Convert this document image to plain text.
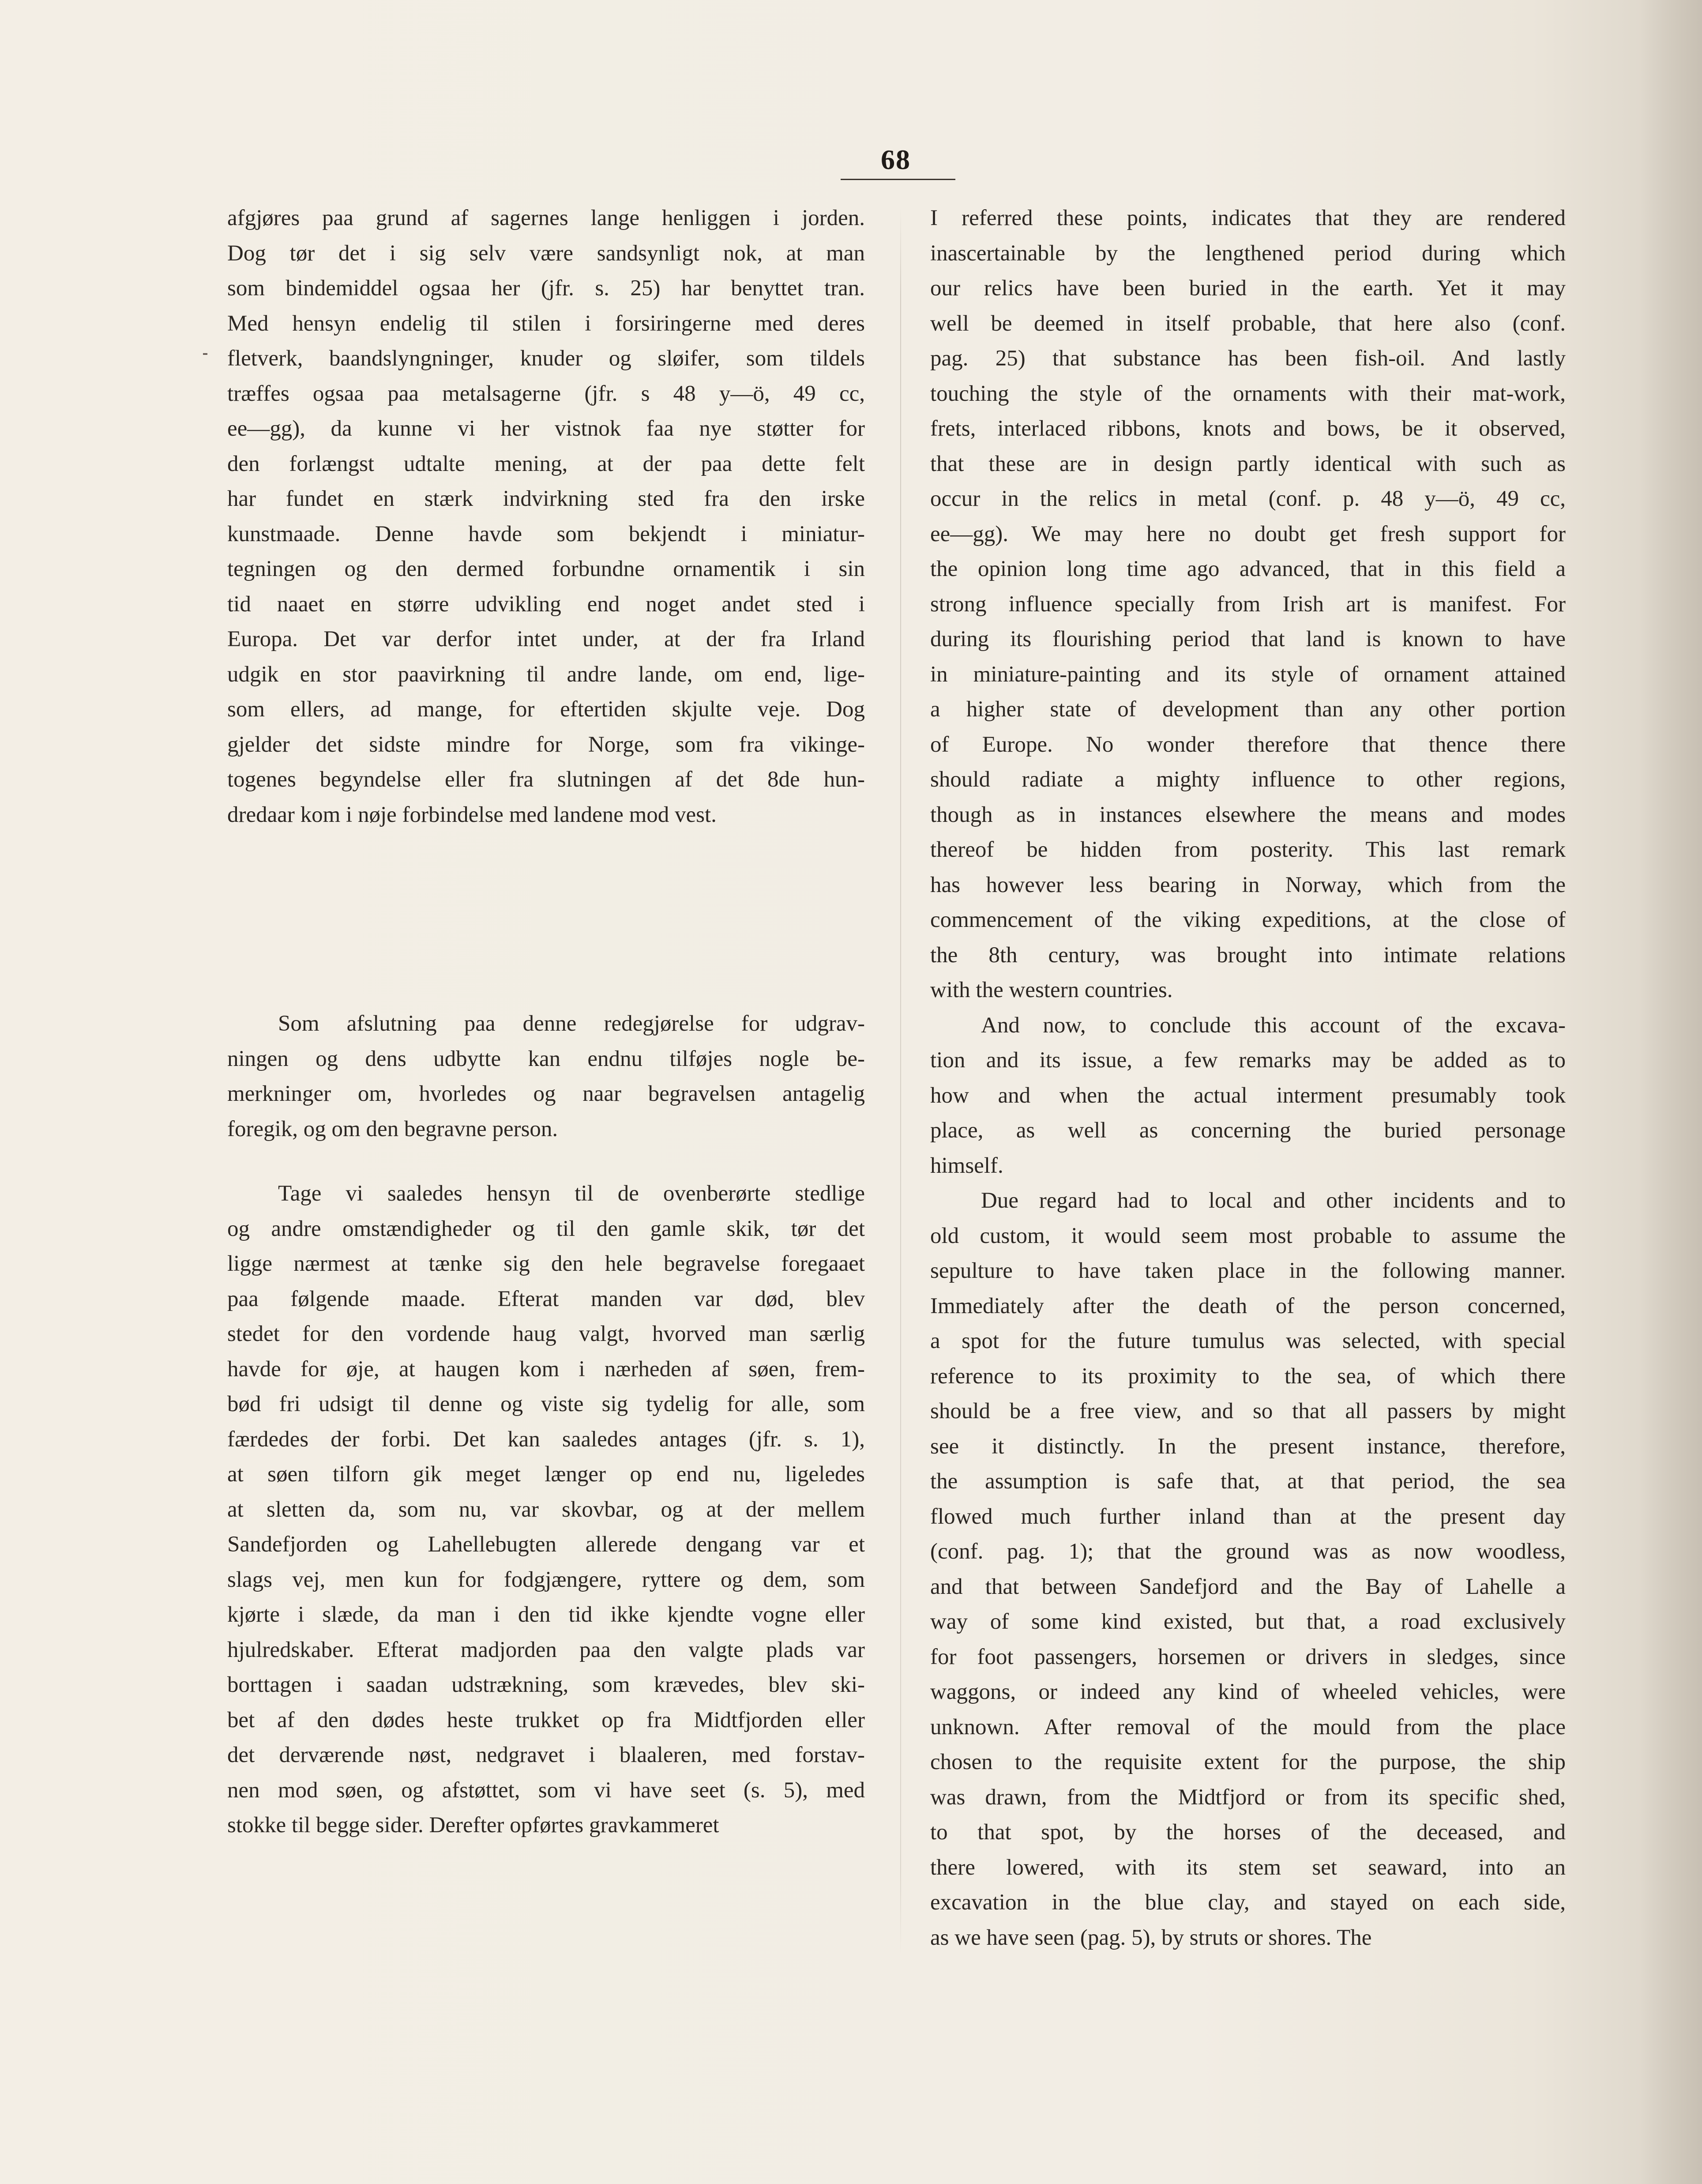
68
afgjøres paa grund af sagernes lange henliggen i jorden.
Dog tør det i sig selv være sandsynligt nok, at man
som bindemiddel ogsaa her (jfr. s. 25) har benyttet tran.
Med hensyn endelig til stilen i forsiringerne med deres
fletverk, baandslyngninger, knuder og sløifer, som tildels
træffes ogsaa paa metalsagerne (jfr. s 48 y—ö, 49 cc,
ee—gg), da kunne vi her vistnok faa nye støtter for
den forlængst udtalte mening, at der paa dette felt
har fundet en stærk indvirkning sted fra den irske
kunstmaade. Denne havde som bekjendt i miniatur-
tegningen og den dermed forbundne ornamentik i sin
tid naaet en større udvikling end noget andet sted i
Europa. Det var derfor intet under, at der fra Irland
udgik en stor paavirkning til andre lande, om end, lige-
som ellers, ad mange, for eftertiden skjulte veje. Dog
gjelder det sidste mindre for Norge, som fra vikinge-
togenes begyndelse eller fra slutningen af det 8de hun-
dredaar kom i nøje forbindelse med landene mod vest.
Som afslutning paa denne redegjørelse for udgrav-
ningen og dens udbytte kan endnu tilføjes nogle be-
merkninger om, hvorledes og naar begravelsen antagelig
foregik, og om den begravne person.
Tage vi saaledes hensyn til de ovenberørte stedlige
og andre omstændigheder og til den gamle skik, tør det
ligge nærmest at tænke sig den hele begravelse foregaaet
paa følgende maade. Efterat manden var død, blev
stedet for den vordende haug valgt, hvorved man særlig
havde for øje, at haugen kom i nærheden af søen, frem-
bød fri udsigt til denne og viste sig tydelig for alle, som
færdedes der forbi. Det kan saaledes antages (jfr. s. 1),
at søen tilforn gik meget længer op end nu, ligeledes
at sletten da, som nu, var skovbar, og at der mellem
Sandefjorden og Lahellebugten allerede dengang var et
slags vej, men kun for fodgjængere, ryttere og dem, som
kjørte i slæde, da man i den tid ikke kjendte vogne eller
hjulredskaber. Efterat madjorden paa den valgte plads var
borttagen i saadan udstrækning, som krævedes, blev ski-
bet af den dødes heste trukket op fra Midtfjorden eller
det derværende nøst, nedgravet i blaaleren, med forstav-
nen mod søen, og afstøttet, som vi have seet (s. 5), med
stokke til begge sider. Derefter opførtes gravkammeret
I referred these points, indicates that they are rendered
inascertainable by the lengthened period during which
our relics have been buried in the earth. Yet it may
well be deemed in itself probable, that here also (conf.
pag. 25) that substance has been fish-oil. And lastly
touching the style of the ornaments with their mat-work,
frets, interlaced ribbons, knots and bows, be it observed,
that these are in design partly identical with such as
occur in the relics in metal (conf. p. 48 y—ö, 49 cc,
ee—gg). We may here no doubt get fresh support for
the opinion long time ago advanced, that in this field a
strong influence specially from Irish art is manifest. For
during its flourishing period that land is known to have
in miniature-painting and its style of ornament attained
a higher state of development than any other portion
of Europe. No wonder therefore that thence there
should radiate a mighty influence to other regions,
though as in instances elsewhere the means and modes
thereof be hidden from posterity. This last remark
has however less bearing in Norway, which from the
commencement of the viking expeditions, at the close of
the 8th century, was brought into intimate relations
with the western countries.
And now, to conclude this account of the excava-
tion and its issue, a few remarks may be added as to
how and when the actual interment presumably took
place, as well as concerning the buried personage
himself.
Due regard had to local and other incidents and to
old custom, it would seem most probable to assume the
sepulture to have taken place in the following manner.
Immediately after the death of the person concerned,
a spot for the future tumulus was selected, with special
reference to its proximity to the sea, of which there
should be a free view, and so that all passers by might
see it distinctly. In the present instance, therefore,
the assumption is safe that, at that period, the sea
flowed much further inland than at the present day
(conf. pag. 1); that the ground was as now woodless,
and that between Sandefjord and the Bay of Lahelle a
way of some kind existed, but that, a road exclusively
for foot passengers, horsemen or drivers in sledges, since
waggons, or indeed any kind of wheeled vehicles, were
unknown. After removal of the mould from the place
chosen to the requisite extent for the purpose, the ship
was drawn, from the Midtfjord or from its specific shed,
to that spot, by the horses of the deceased, and
there lowered, with its stem set seaward, into an
excavation in the blue clay, and stayed on each side,
as we have seen (pag. 5), by struts or shores. The
